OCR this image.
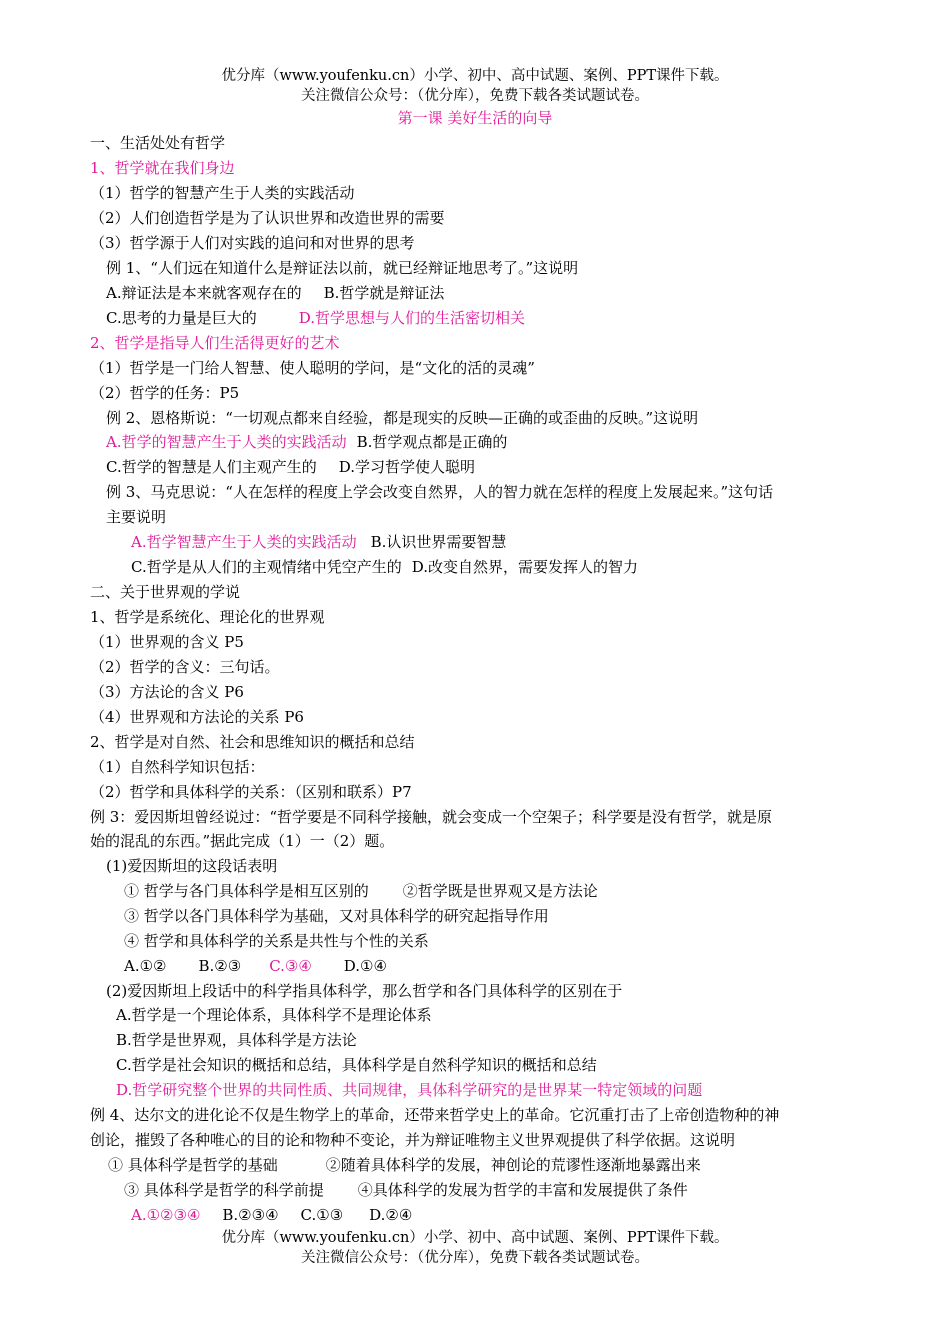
优分库（www.youfenku.cn）小学、初中、高中试题、案例、PPT课件下载。
关注微信公众号：（优分库），免费下载各类试题试卷。
第一课 美好生活的向导
一、生活处处有哲学
1、哲学就在我们身边
（1）哲学的智慧产生于人类的实践活动
（2）人们创造哲学是为了认识世界和改造世界的需要
（3）哲学源于人们对实践的追问和对世界的思考
例 1、“人们远在知道什么是辩证法以前，就已经辩证地思考了。”这说明
A.辩证法是本来就客观存在的 B.哲学就是辩证法
C.思考的力量是巨大的	D.哲学思想与人们的生活密切相关
2、哲学是指导人们生活得更好的艺术
（1）哲学是一门给人智慧、使人聪明的学问，是“文化的活的灵魂”
（2）哲学的任务：P5
例 2、恩格斯说：“一切观点都来自经验，都是现实的反映—正确的或歪曲的反映。”这说明
A.哲学的智慧产生于人类的实践活动 B.哲学观点都是正确的
C.哲学的智慧是人们主观产生的 D.学习哲学使人聪明
例 3、马克思说：“人在怎样的程度上学会改变自然界，人的智力就在怎样的程度上发展起来。”这句话
主要说明
A.哲学智慧产生于人类的实践活动 B.认识世界需要智慧
C.哲学是从人们的主观情绪中凭空产生的 D.改变自然界，需要发挥人的智力
二、关于世界观的学说
1、哲学是系统化、理论化的世界观
（1）世界观的含义 P5
（2）哲学的含义：三句话。
（3）方法论的含义 P6
（4）世界观和方法论的关系 P6
2、哲学是对自然、社会和思维知识的概括和总结
（1）自然科学知识包括：
（2）哲学和具体科学的关系：（区别和联系）P7
例 3：爱因斯坦曾经说过：“哲学要是不同科学接触，就会变成一个空架子；科学要是没有哲学，就是原
始的混乱的东西。”据此完成（1）一（2）题。
(1)爱因斯坦的这段话表明
① 哲学与各门具体科学是相互区别的 ②哲学既是世界观又是方法论
③ 哲学以各门具体科学为基础，又对具体科学的研究起指导作用
④ 哲学和具体科学的关系是共性与个性的关系
A.①② B.②③ C.③④ D.①④
(2)爱因斯坦上段话中的科学指具体科学，那么哲学和各门具体科学的区别在于
A.哲学是一个理论体系，具体科学不是理论体系
B.哲学是世界观，具体科学是方法论
C.哲学是社会知识的概括和总结，具体科学是自然科学知识的概括和总结
D.哲学研究整个世界的共同性质、共同规律，具体科学研究的是世界某一特定领域的问题
例 4、达尔文的进化论不仅是生物学上的革命，还带来哲学史上的革命。它沉重打击了上帝创造物种的神
创论，摧毁了各种唯心的目的论和物种不变论，并为辩证唯物主义世界观提供了科学依据。这说明
① 具体科学是哲学的基础	②随着具体科学的发展，神创论的荒谬性逐渐地暴露出来
③ 具体科学是哲学的科学前提 ④具体科学的发展为哲学的丰富和发展提供了条件
A.①②③④ B.②③④ C.①③ D.②④
优分库（www.youfenku.cn）小学、初中、高中试题、案例、PPT课件下载。
关注微信公众号：（优分库），免费下载各类试题试卷。
